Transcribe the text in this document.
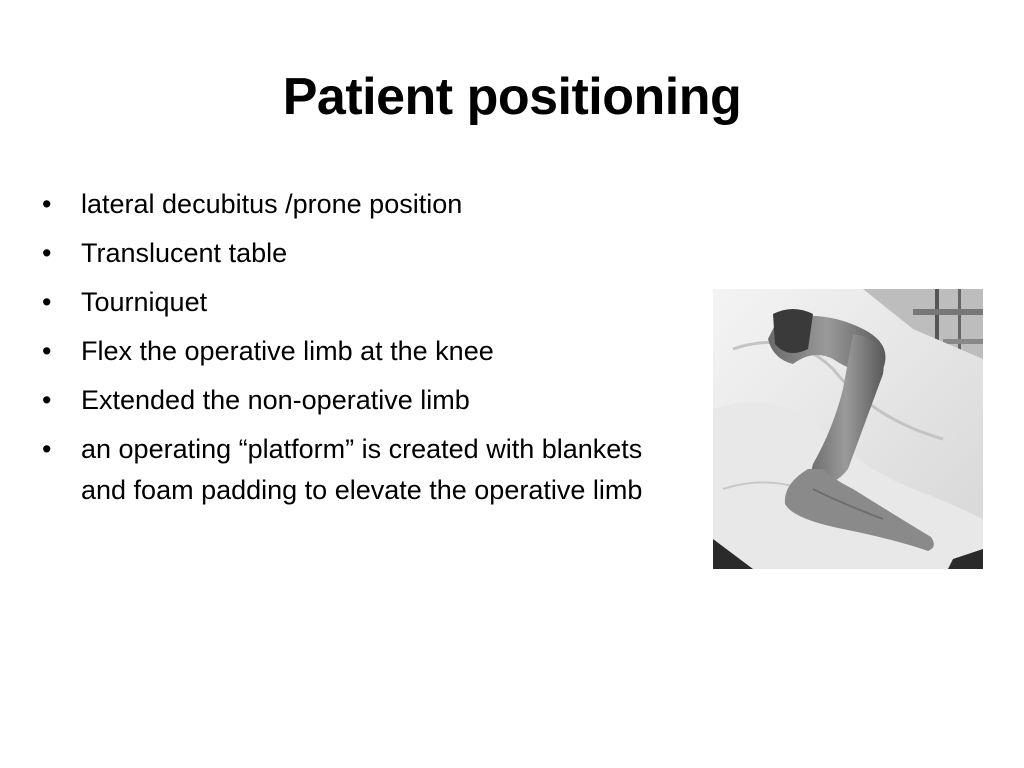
Patient positioning
• lateral decubitus /prone position
• Translucent table
• Tourniquet
• Flex the operative limb at the knee
• Extended the non-operative limb
• an operating “platform” is created with blankets and foam padding to elevate the operative limb
